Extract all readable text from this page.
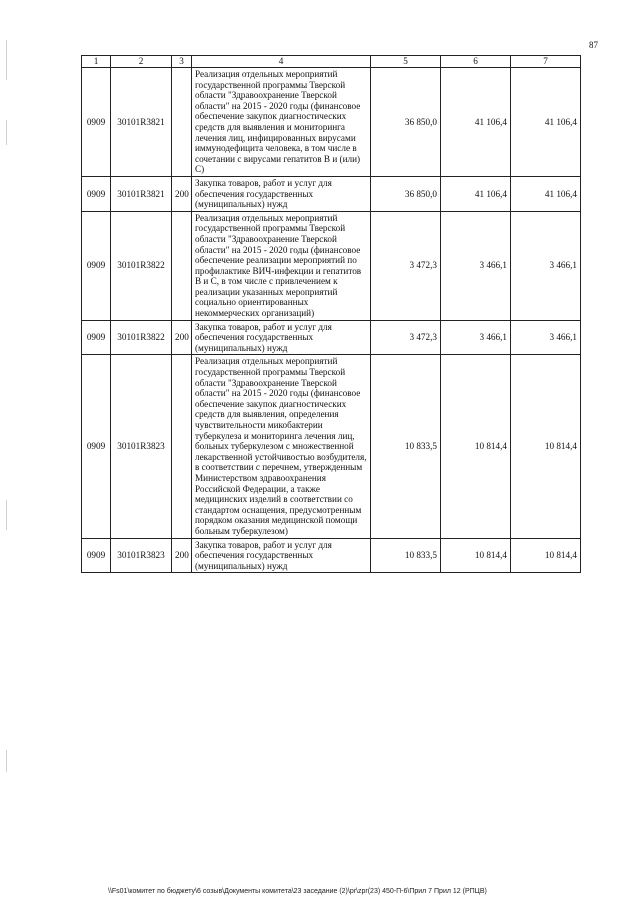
87
1	2	3	4	5	6	7
0909	30101R3821		Реализация отдельных мероприятий государственной программы Тверской области "Здравоохранение Тверской области" на 2015 - 2020 годы (финансовое обеспечение закупок диагностических средств для выявления и мониторинга лечения лиц, инфицированных вирусами иммунодефицита человека, в том числе в сочетании с вирусами гепатитов В и (или) С)	36 850,0	41 106,4	41 106,4
0909	30101R3821	200	Закупка товаров, работ и услуг для обеспечения государственных (муниципальных) нужд	36 850,0	41 106,4	41 106,4
0909	30101R3822		Реализация отдельных мероприятий государственной программы Тверской области "Здравоохранение Тверской области" на 2015 - 2020 годы (финансовое обеспечение реализации мероприятий по профилактике ВИЧ-инфекции и гепатитов В и С, в том числе с привлечением к реализации указанных мероприятий социально ориентированных некоммерческих организаций)	3 472,3	3 466,1	3 466,1
0909	30101R3822	200	Закупка товаров, работ и услуг для обеспечения государственных (муниципальных) нужд	3 472,3	3 466,1	3 466,1
0909	30101R3823		Реализация отдельных мероприятий государственной программы Тверской области "Здравоохранение Тверской области" на 2015 - 2020 годы (финансовое обеспечение закупок диагностических средств для выявления, определения чувствительности микобактерии туберкулеза и мониторинга лечения лиц, больных туберкулезом с множественной лекарственной устойчивостью возбудителя, в соответствии с перечнем, утвержденным Министерством здравоохранения Российской Федерации, а также медицинских изделий в соответствии со стандартом оснащения, предусмотренным порядком оказания медицинской помощи больным туберкулезом)	10 833,5	10 814,4	10 814,4
0909	30101R3823	200	Закупка товаров, работ и услуг для обеспечения государственных (муниципальных) нужд	10 833,5	10 814,4	10 814,4
\\Fs01\комитет по бюджету\6 созыв\Документы комитета\23 заседание (2)\pr\zpr(23) 450-П-6\Прил 7 Прил 12 (РПЦВ)
